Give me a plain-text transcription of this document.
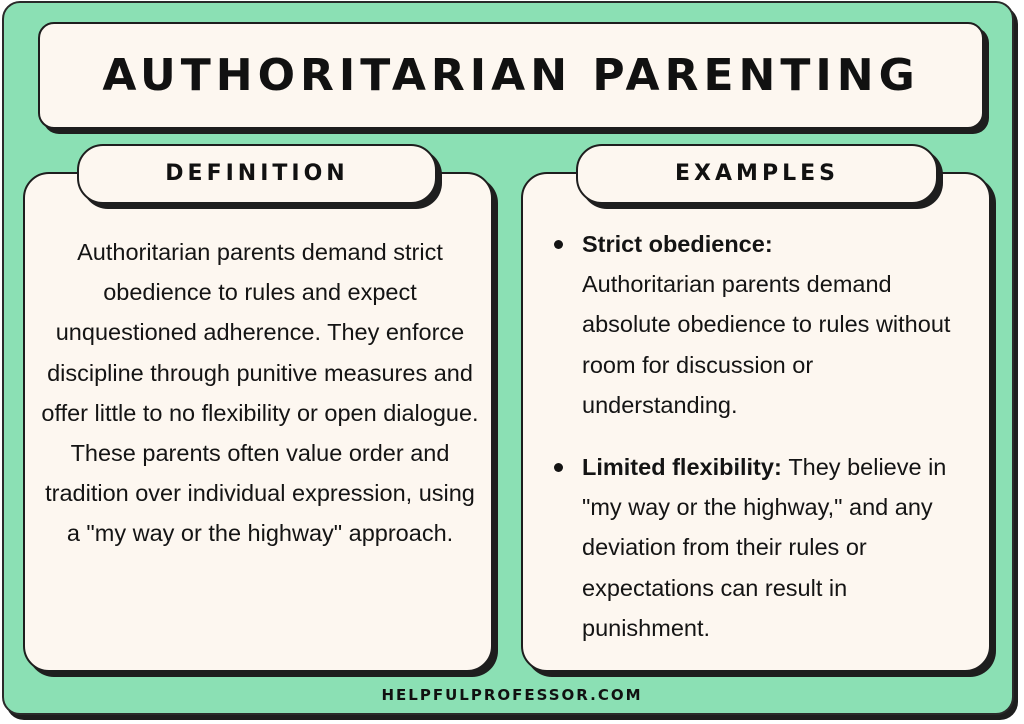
AUTHORITARIAN PARENTING
DEFINITION
Authoritarian parents demand strict obedience to rules and expect unquestioned adherence. They enforce discipline through punitive measures and offer little to no flexibility or open dialogue. These parents often value order and tradition over individual expression, using a "my way or the highway" approach.
EXAMPLES
Strict obedience:
Authoritarian parents demand absolute obedience to rules without room for discussion or understanding.
Limited flexibility: They believe in "my way or the highway," and any deviation from their rules or expectations can result in punishment.
HELPFULPROFESSOR.COM
